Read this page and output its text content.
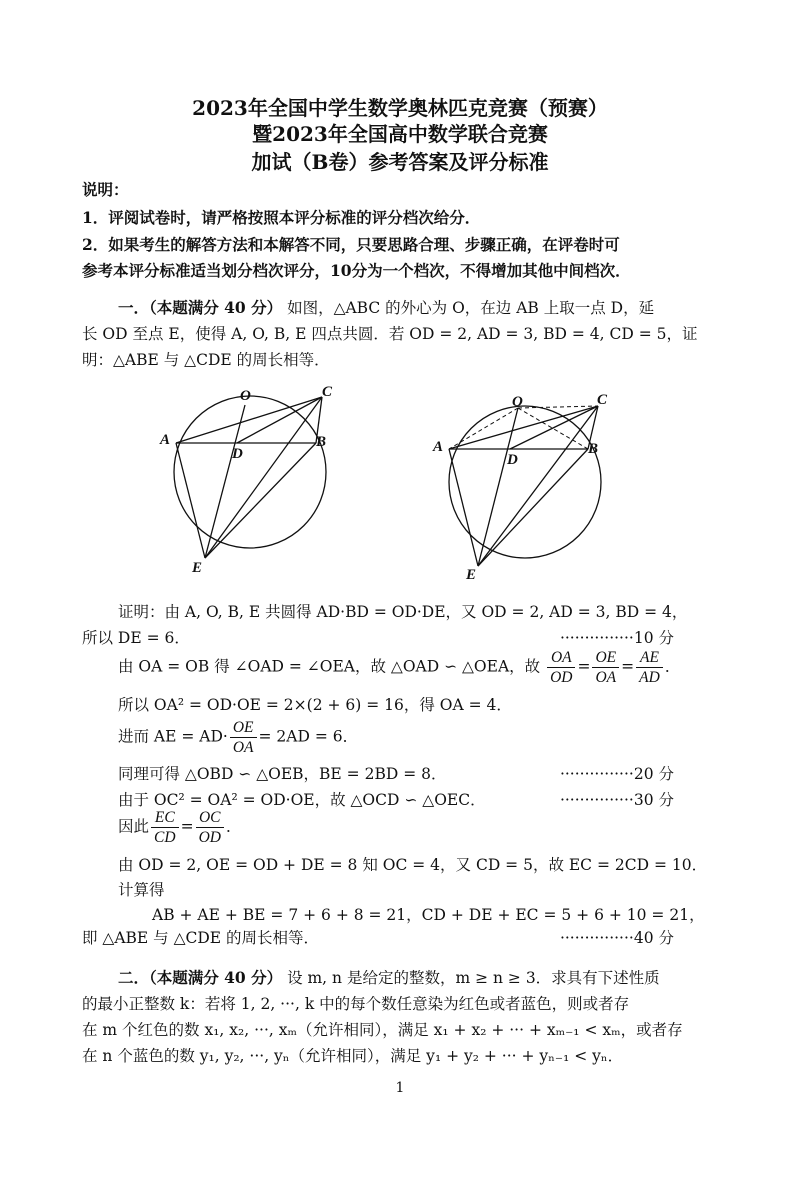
2023年全国中学生数学奥林匹克竞赛（预赛）
暨2023年全国高中数学联合竞赛
加试（B卷）参考答案及评分标准
说明：
1．评阅试卷时，请严格按照本评分标准的评分档次给分．
2．如果考生的解答方法和本解答不同，只要思路合理、步骤正确，在评卷时可
参考本评分标准适当划分档次评分，10分为一个档次，不得增加其他中间档次．
一．（本题满分 40 分） 如图，△ABC 的外心为 O，在边 AB 上取一点 D，延
长 OD 至点 E，使得 A, O, B, E 四点共圆．若 OD = 2, AD = 3, BD = 4, CD = 5，证
明：△ABE 与 △CDE 的周长相等．
O	C
A	B
D
E
O	C
A	B
D
E
证明：由 A, O, B, E 共圆得 AD·BD = OD·DE，又 OD = 2, AD = 3, BD = 4，
所以 DE = 6．	···············10 分
由 OA = OB 得 ∠OAD = ∠OEA，故 △OAD ∽ △OEA，故 $\frac{OA}{OD} = \frac{OE}{OA} = \frac{AE}{AD}$ ．
所以 OA² = OD·OE = 2×(2 + 6) = 16，得 OA = 4．
进而 AE = $AD\cdot \frac{OE}{OA} = 2AD = 6$．
同理可得 △OBD ∽ △OEB，BE = 2BD = 8．	···············20 分
由于 OC² = OA² = OD·OE，故 △OCD ∽ △OEC．	···············30 分
因此 $\frac{EC}{CD} = \frac{OC}{OD}$ ．
由 OD = 2, OE = OD + DE = 8 知 OC = 4，又 CD = 5，故 EC = 2CD = 10．
计算得
AB + AE + BE = 7 + 6 + 8 = 21，CD + DE + EC = 5 + 6 + 10 = 21，
即 △ABE 与 △CDE 的周长相等．	···············40 分
二．（本题满分 40 分） 设 m, n 是给定的整数，m ≥ n ≥ 3．求具有下述性质
的最小正整数 k：若将 1, 2, ···, k 中的每个数任意染为红色或者蓝色，则或者存
在 m 个红色的数 x₁, x₂, ···, xₘ（允许相同），满足 x₁ + x₂ + ··· + xₘ₋₁ < xₘ，或者存
在 n 个蓝色的数 y₁, y₂, ···, yₙ（允许相同），满足 y₁ + y₂ + ··· + yₙ₋₁ < yₙ．
1
